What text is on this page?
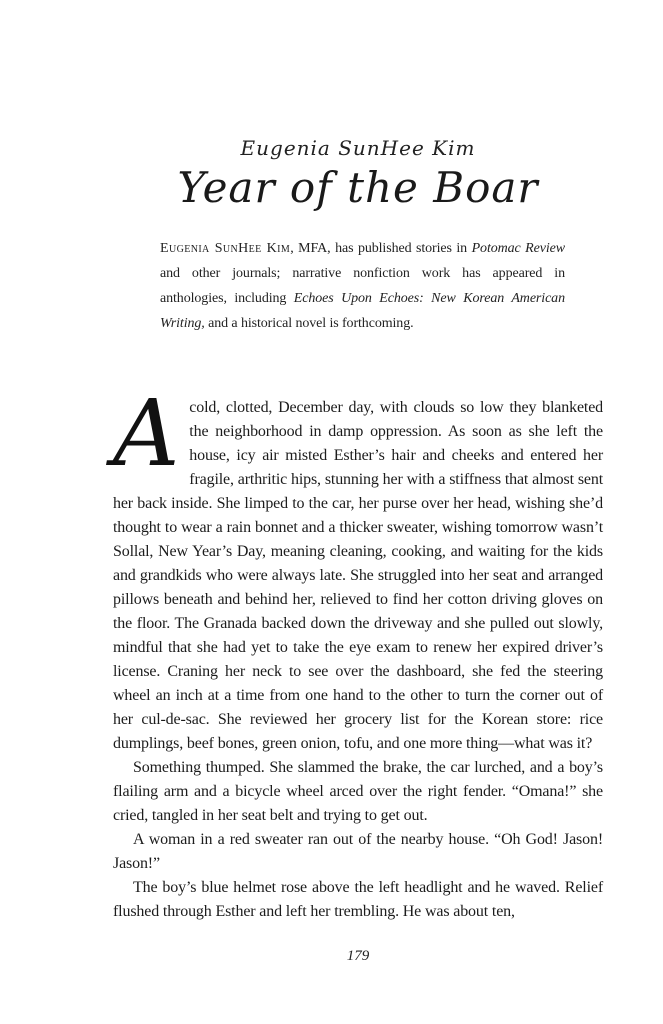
Eugenia SunHee Kim
Year of the Boar

Eugenia SunHee Kim, MFA, has published stories in Potomac Review and other journals; narrative nonfiction work has appeared in anthologies, including Echoes Upon Echoes: New Korean American Writing, and a historical novel is forthcoming.

Acold, clotted, December day, with clouds so low they blanketed the neighborhood in damp oppression. As soon as she left the house, icy air misted Esther’s hair and cheeks and entered her fragile, arthritic hips, stunning her with a stiffness that almost sent her back inside. She limped to the car, her purse over her head, wishing she’d thought to wear a rain bonnet and a thicker sweater, wishing tomorrow wasn’t Sollal, New Year’s Day, meaning cleaning, cooking, and waiting for the kids and grandkids who were always late. She struggled into her seat and arranged pillows beneath and behind her, relieved to find her cotton driving gloves on the floor. The Granada backed down the driveway and she pulled out slowly, mindful that she had yet to take the eye exam to renew her expired driver’s license. Craning her neck to see over the dashboard, she fed the steering wheel an inch at a time from one hand to the other to turn the corner out of her cul-de-sac. She reviewed her grocery list for the Korean store: rice dumplings, beef bones, green onion, tofu, and one more thing—what was it?

Something thumped. She slammed the brake, the car lurched, and a boy’s flailing arm and a bicycle wheel arced over the right fender. “Omana!” she cried, tangled in her seat belt and trying to get out.

A woman in a red sweater ran out of the nearby house. “Oh God! Jason! Jason!”

The boy’s blue helmet rose above the left headlight and he waved. Relief flushed through Esther and left her trembling. He was about ten,

179
